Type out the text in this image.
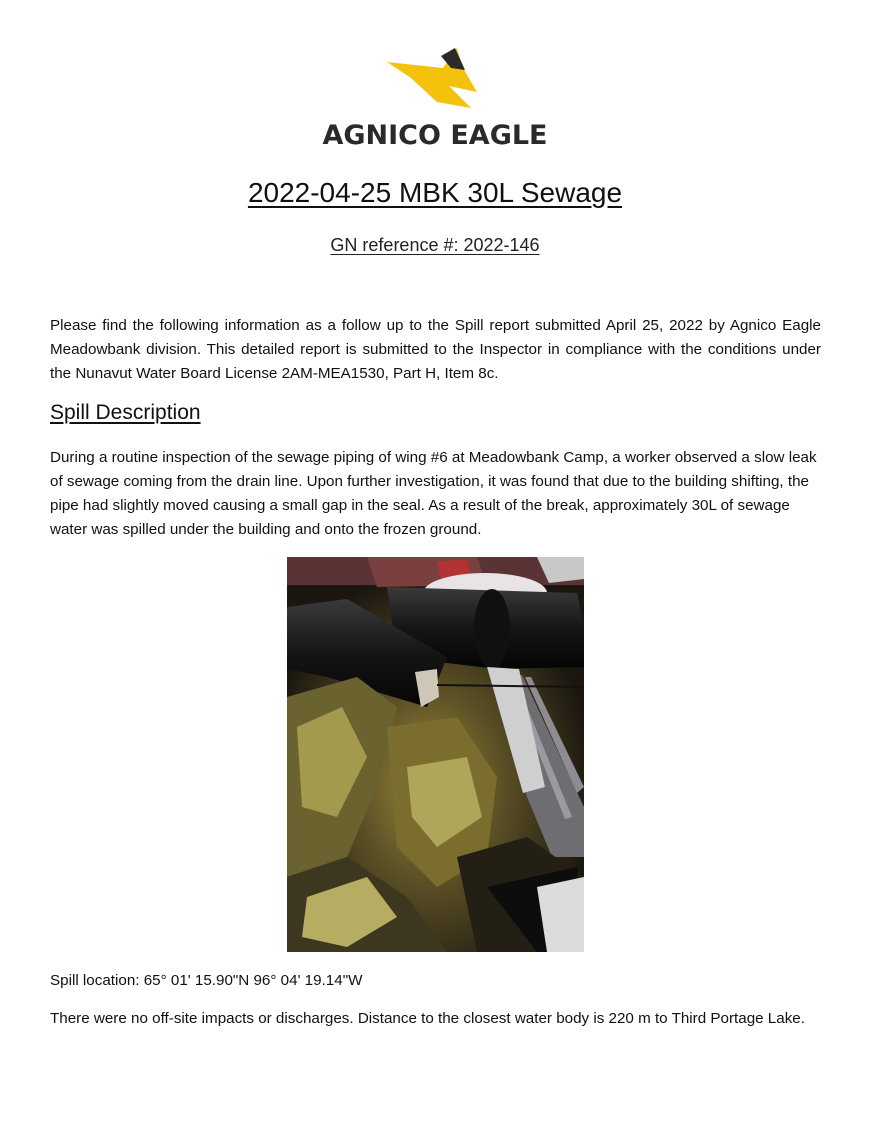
AGNICO EAGLE
2022-04-25 MBK 30L Sewage
GN reference #: 2022-146

Please find the following information as a follow up to the Spill report submitted April 25, 2022 by Agnico Eagle Meadowbank division. This detailed report is submitted to the Inspector in compliance with the conditions under the Nunavut Water Board License 2AM-MEA1530, Part H, Item 8c.

Spill Description

During a routine inspection of the sewage piping of wing #6 at Meadowbank Camp, a worker observed a slow leak of sewage coming from the drain line. Upon further investigation, it was found that due to the building shifting, the pipe had slightly moved causing a small gap in the seal. As a result of the break, approximately 30L of sewage water was spilled under the building and onto the frozen ground.

Spill location: 65° 01' 15.90"N 96° 04' 19.14"W

There were no off-site impacts or discharges. Distance to the closest water body is 220 m to Third Portage Lake.
